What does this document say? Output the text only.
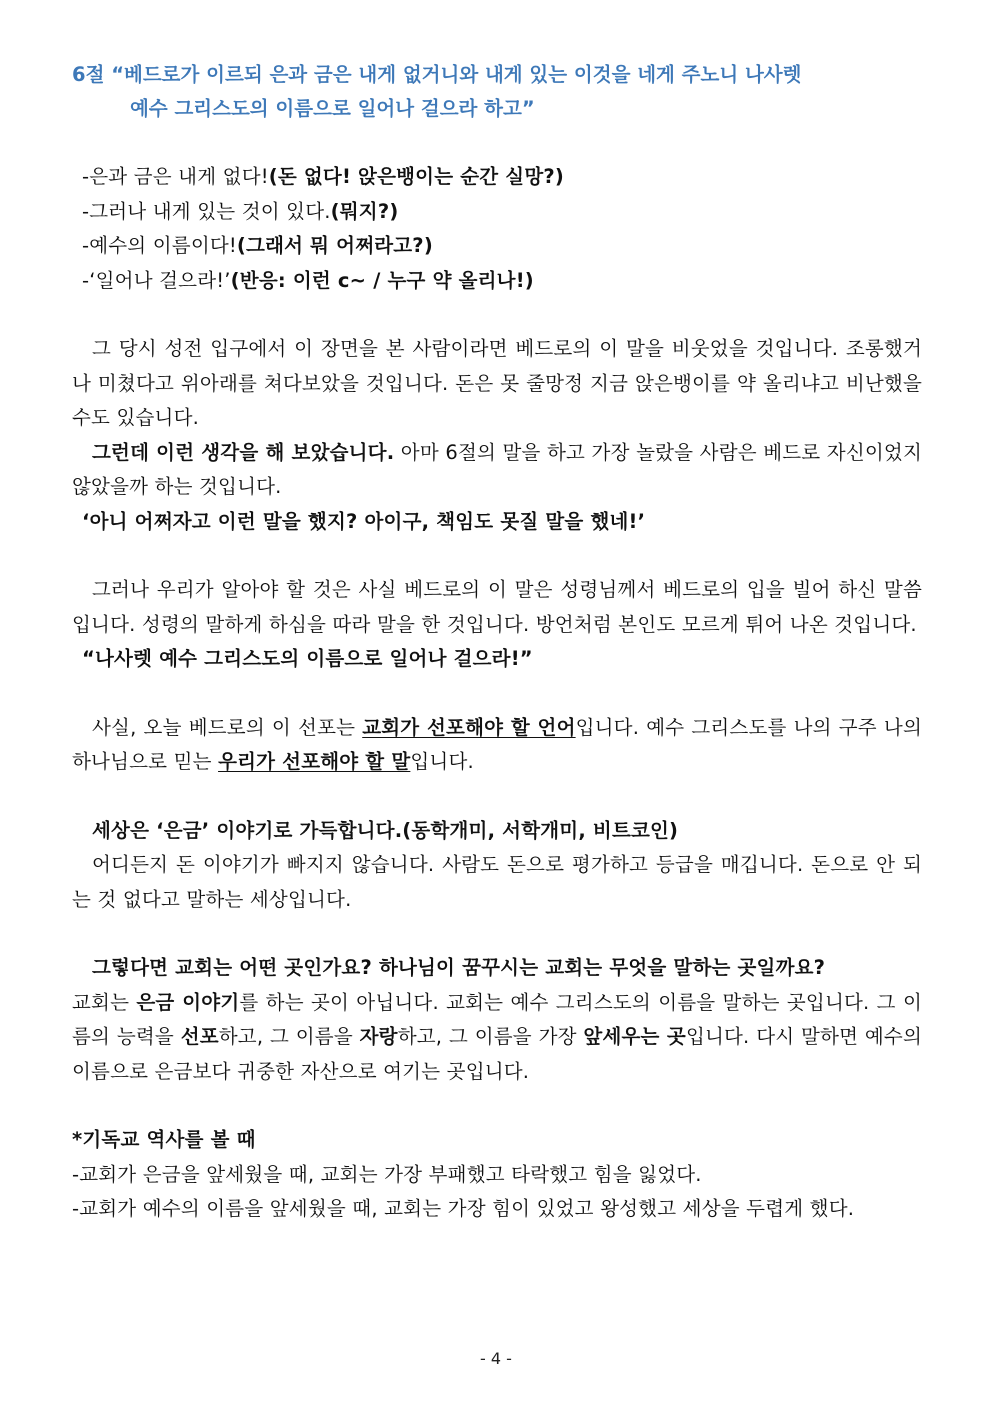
6절 “베드로가 이르되 은과 금은 내게 없거니와 내게 있는 이것을 네게 주노니 나사렛
예수 그리스도의 이름으로 일어나 걸으라 하고”

-은과 금은 내게 없다!(돈 없다! 앉은뱅이는 순간 실망?)

-그러나 내게 있는 것이 있다.(뭐지?)

-예수의 이름이다!(그래서 뭐 어쩌라고?)

-‘일어나 걸으라!’(반응: 이런 c~ / 누구 약 올리나!)

그 당시 성전 입구에서 이 장면을 본 사람이라면 베드로의 이 말을 비웃었을 것입니다. 조롱했거나 미쳤다고 위아래를 쳐다보았을 것입니다. 돈은 못 줄망정 지금 앉은뱅이를 약 올리냐고 비난했을 수도 있습니다.

그런데 이런 생각을 해 보았습니다. 아마 6절의 말을 하고 가장 놀랐을 사람은 베드로 자신이었지 않았을까 하는 것입니다.

‘아니 어쩌자고 이런 말을 했지? 아이구, 책임도 못질 말을 했네!’

그러나 우리가 알아야 할 것은 사실 베드로의 이 말은 성령님께서 베드로의 입을 빌어 하신 말씀입니다. 성령의 말하게 하심을 따라 말을 한 것입니다. 방언처럼 본인도 모르게 튀어 나온 것입니다.

“나사렛 예수 그리스도의 이름으로 일어나 걸으라!”

사실, 오늘 베드로의 이 선포는 교회가 선포해야 할 언어입니다. 예수 그리스도를 나의 구주 나의 하나님으로 믿는 우리가 선포해야 할 말입니다.

세상은 ‘은금’ 이야기로 가득합니다.(동학개미, 서학개미, 비트코인)

어디든지 돈 이야기가 빠지지 않습니다. 사람도 돈으로 평가하고 등급을 매깁니다. 돈으로 안 되는 것 없다고 말하는 세상입니다.

그렇다면 교회는 어떤 곳인가요? 하나님이 꿈꾸시는 교회는 무엇을 말하는 곳일까요?

교회는 은금 이야기를 하는 곳이 아닙니다. 교회는 예수 그리스도의 이름을 말하는 곳입니다. 그 이름의 능력을 선포하고, 그 이름을 자랑하고, 그 이름을 가장 앞세우는 곳입니다. 다시 말하면 예수의 이름으로 은금보다 귀중한 자산으로 여기는 곳입니다.

*기독교 역사를 볼 때

-교회가 은금을 앞세웠을 때, 교회는 가장 부패했고 타락했고 힘을 잃었다.

-교회가 예수의 이름을 앞세웠을 때, 교회는 가장 힘이 있었고 왕성했고 세상을 두렵게 했다.

- 4 -
